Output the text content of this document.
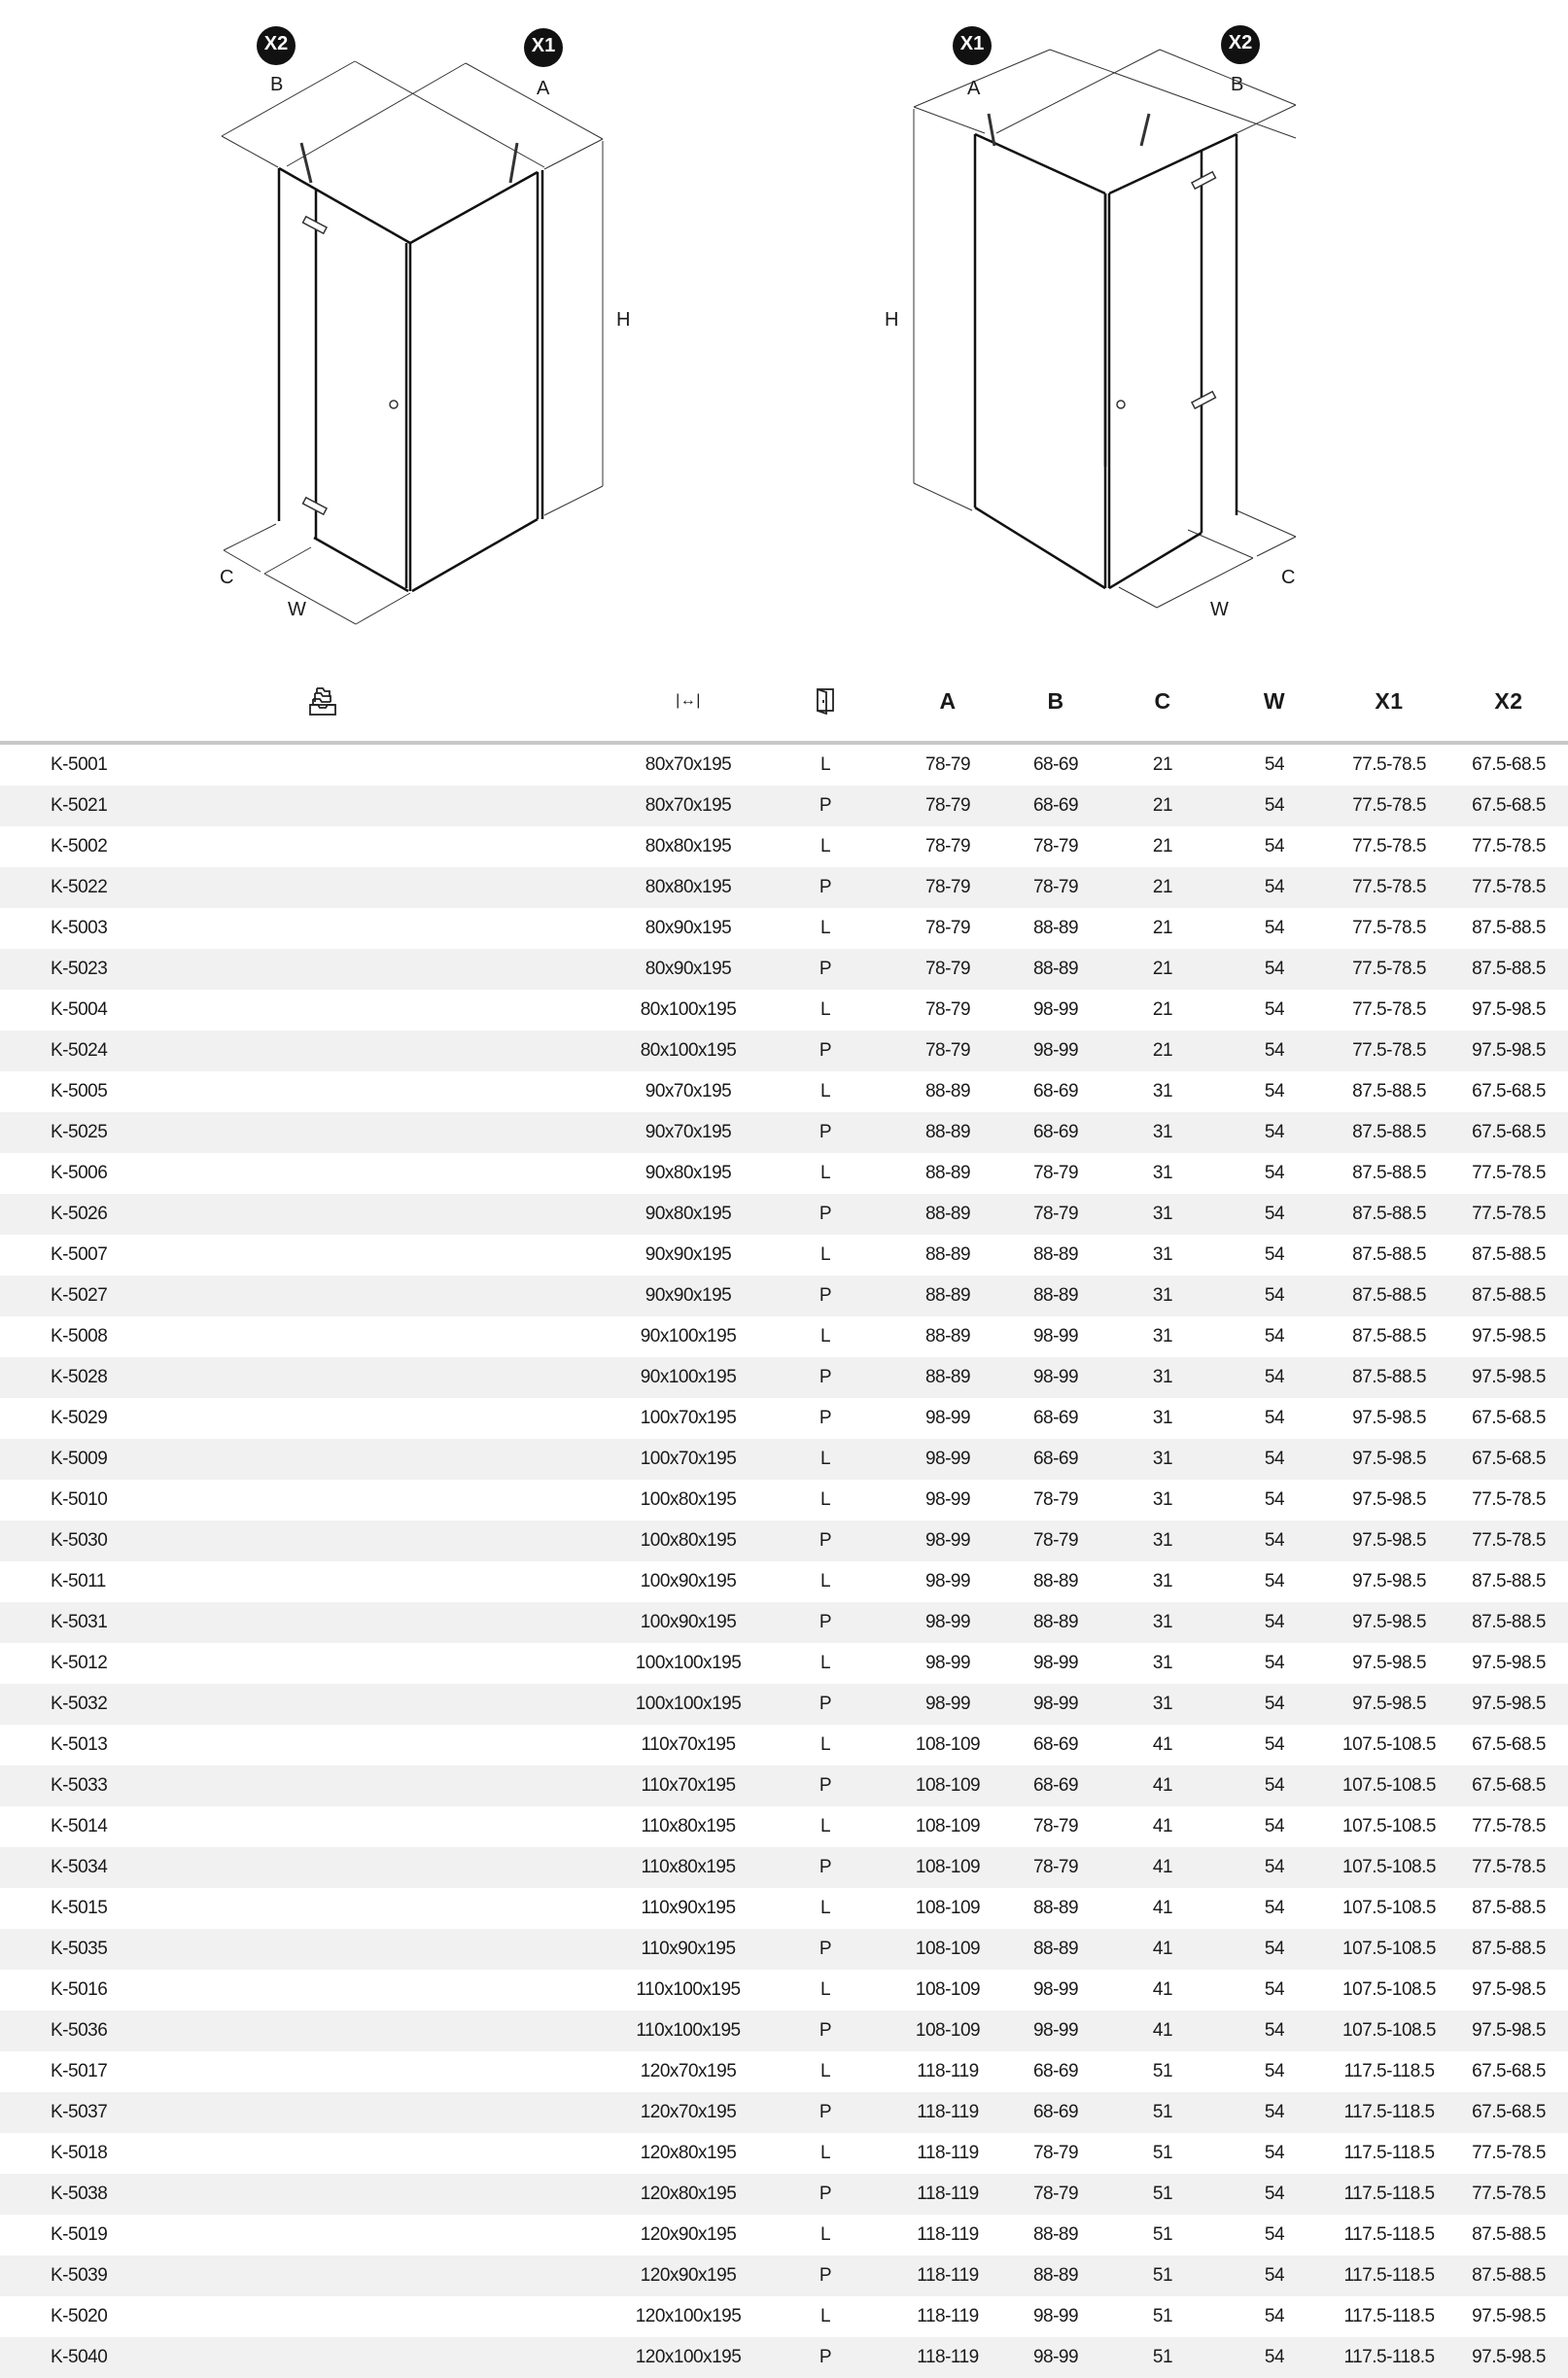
X2	X1
B	A
H
C
W
X1	X2
A	B
H
W
C
|↔|	A	B	C	W	X1	X2
K-5001	80x70x195	L	78-79	68-69	21	54	77.5-78.5 67.5-68.5
K-5021	80x70x195	P	78-79	68-69	21	54	77.5-78.5 67.5-68.5
K-5002	80x80x195	L	78-79	78-79	21	54	77.5-78.5 77.5-78.5
K-5022	80x80x195	P	78-79	78-79	21	54	77.5-78.5 77.5-78.5
K-5003	80x90x195	L	78-79	88-89	21	54	77.5-78.5 87.5-88.5
K-5023	80x90x195	P	78-79	88-89	21	54	77.5-78.5 87.5-88.5
K-5004	80x100x195	L	78-79	98-99	21	54	77.5-78.5 97.5-98.5
K-5024	80x100x195	P	78-79	98-99	21	54	77.5-78.5 97.5-98.5
K-5005	90x70x195	L	88-89	68-69	31	54	87.5-88.5 67.5-68.5
K-5025	90x70x195	P	88-89	68-69	31	54	87.5-88.5 67.5-68.5
K-5006	90x80x195	L	88-89	78-79	31	54	87.5-88.5 77.5-78.5
K-5026	90x80x195	P	88-89	78-79	31	54	87.5-88.5 77.5-78.5
K-5007	90x90x195	L	88-89	88-89	31	54	87.5-88.5 87.5-88.5
K-5027	90x90x195	P	88-89	88-89	31	54	87.5-88.5 87.5-88.5
K-5008	90x100x195	L	88-89	98-99	31	54	87.5-88.5 97.5-98.5
K-5028	90x100x195	P	88-89	98-99	31	54	87.5-88.5 97.5-98.5
K-5029	100x70x195	P	98-99	68-69	31	54	97.5-98.5 67.5-68.5
K-5009	100x70x195	L	98-99	68-69	31	54	97.5-98.5 67.5-68.5
K-5010	100x80x195	L	98-99	78-79	31	54	97.5-98.5 77.5-78.5
K-5030	100x80x195	P	98-99	78-79	31	54	97.5-98.5 77.5-78.5
K-5011	100x90x195	L	98-99	88-89	31	54	97.5-98.5 87.5-88.5
K-5031	100x90x195	P	98-99	88-89	31	54	97.5-98.5 87.5-88.5
K-5012	100x100x195	L	98-99	98-99	31	54	97.5-98.5 97.5-98.5
K-5032	100x100x195	P	98-99	98-99	31	54	97.5-98.5 97.5-98.5
K-5013	110x70x195	L	108-109	68-69	41	54	107.5-108.5 67.5-68.5
K-5033	110x70x195	P	108-109	68-69	41	54	107.5-108.5 67.5-68.5
K-5014	110x80x195	L	108-109	78-79	41	54	107.5-108.5 77.5-78.5
K-5034	110x80x195	P	108-109	78-79	41	54	107.5-108.5 77.5-78.5
K-5015	110x90x195	L	108-109	88-89	41	54	107.5-108.5 87.5-88.5
K-5035	110x90x195	P	108-109	88-89	41	54	107.5-108.5 87.5-88.5
K-5016	110x100x195	L	108-109	98-99	41	54	107.5-108.5 97.5-98.5
K-5036	110x100x195	P	108-109	98-99	41	54	107.5-108.5 97.5-98.5
K-5017	120x70x195	L	118-119	68-69	51	54	117.5-118.5 67.5-68.5
K-5037	120x70x195	P	118-119	68-69	51	54	117.5-118.5 67.5-68.5
K-5018	120x80x195	L	118-119	78-79	51	54	117.5-118.5 77.5-78.5
K-5038	120x80x195	P	118-119	78-79	51	54	117.5-118.5 77.5-78.5
K-5019	120x90x195	L	118-119	88-89	51	54	117.5-118.5 87.5-88.5
K-5039	120x90x195	P	118-119	88-89	51	54	117.5-118.5 87.5-88.5
K-5020	120x100x195	L	118-119	98-99	51	54	117.5-118.5 97.5-98.5
K-5040	120x100x195	P	118-119	98-99	51	54	117.5-118.5 97.5-98.5
